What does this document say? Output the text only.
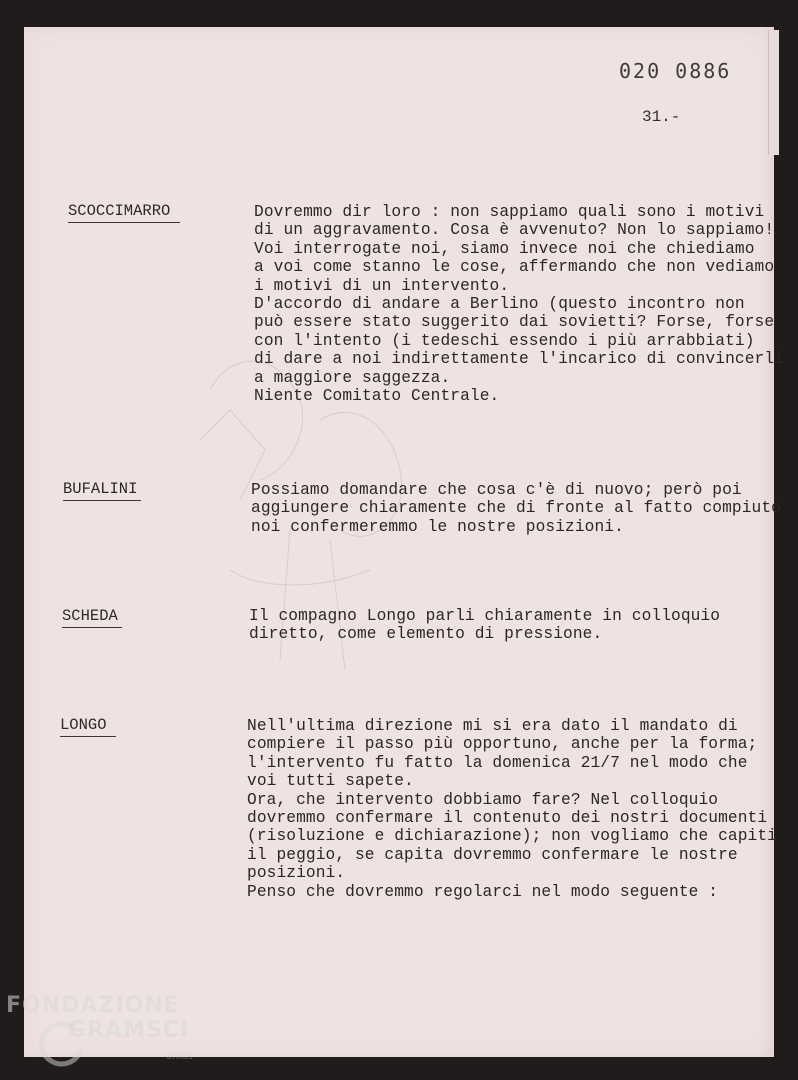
020 0886
31.-
SCOCCIMARRO	Dovremmo dir loro : non sappiamo quali sono i motivi
di un aggravamento. Cosa è avvenuto? Non lo sappiamo!
Voi interrogate noi, siamo invece noi che chiediamo
a voi come stanno le cose, affermando che non vediamo
i motivi di un intervento.
D'accordo di andare a Berlino (questo incontro non
può essere stato suggerito dai sovietti? Forse, forse
con l'intento (i tedeschi essendo i più arrabbiati)
di dare a noi indirettamente l'incarico di convincerli
a maggiore saggezza.
Niente Comitato Centrale.
BUFALINI	Possiamo domandare che cosa c'è di nuovo; però poi
aggiungere chiaramente che di fronte al fatto compiuto
noi confermeremmo le nostre posizioni.
SCHEDA	Il compagno Longo parli chiaramente in colloquio
diretto, come elemento di pressione.
LONGO	Nell'ultima direzione mi si era dato il mandato di
compiere il passo più opportuno, anche per la forma;
l'intervento fu fatto la domenica 21/7 nel modo che
voi tutti sapete.
Ora, che intervento dobbiamo fare? Nel colloquio
dovremmo confermare il contenuto dei nostri documenti
(risoluzione e dichiarazione); non vogliamo che capiti
il peggio, se capita dovremmo confermare le nostre
posizioni.
Penso che dovremmo regolarci nel modo seguente :
FONDAZIONE
GRAMSCI
onlus
